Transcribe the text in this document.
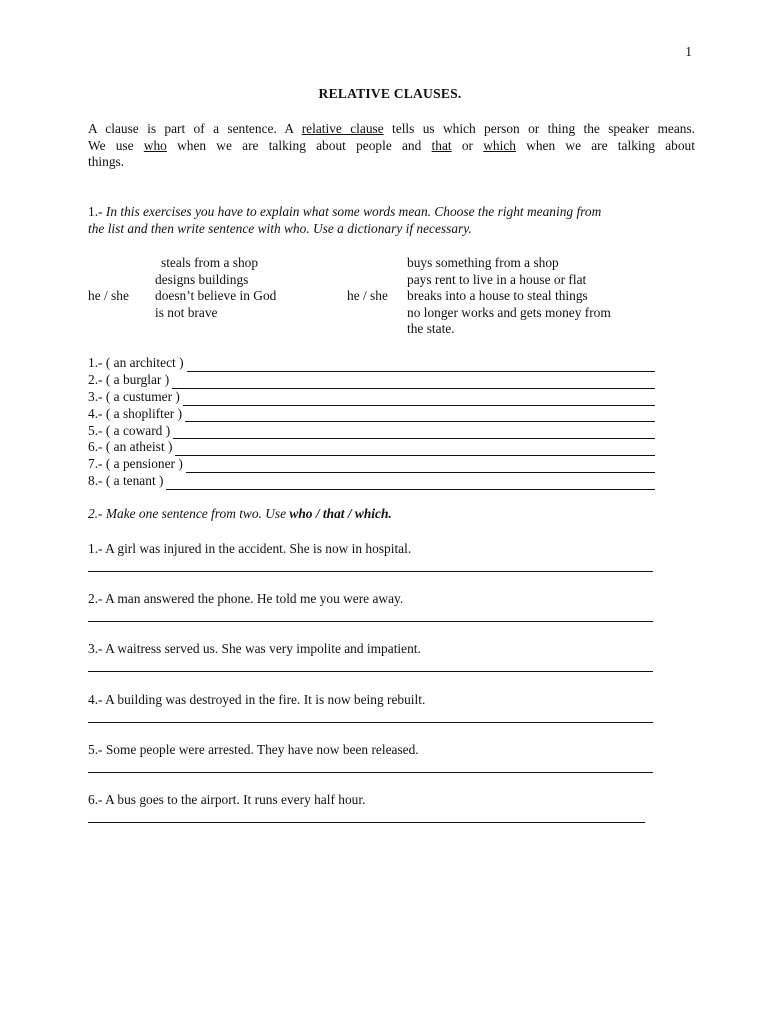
1
RELATIVE CLAUSES.
A clause is part of a sentence. A relative clause tells us which person or thing the speaker means.
We use who when we are talking about people and that or which when we are talking about
things.
1.- In this exercises you have to explain what some words mean. Choose the right meaning from
the list and then write sentence with who. Use a dictionary if necessary.
he / she
steals from a shop
designs buildings
doesn’t believe in God
is not brave
he / she
buys something from a shop
pays rent to live in a house or flat
breaks into a house to steal things
no longer works and gets money from
the state.
1.- ( an architect )
2.- ( a burglar )
3.- ( a custumer )
4.- ( a shoplifter )
5.- ( a coward )
6.- ( an atheist )
7.- ( a pensioner )
8.- ( a tenant )
2.- Make one sentence from two. Use who / that / which.
1.- A girl was injured in the accident. She is now in hospital.
2.- A man answered the phone. He told me you were away.
3.- A waitress served us. She was very impolite and impatient.
4.- A building was destroyed in the fire. It is now being rebuilt.
5.- Some people were arrested. They have now been released.
6.- A bus goes to the airport. It runs every half hour.
